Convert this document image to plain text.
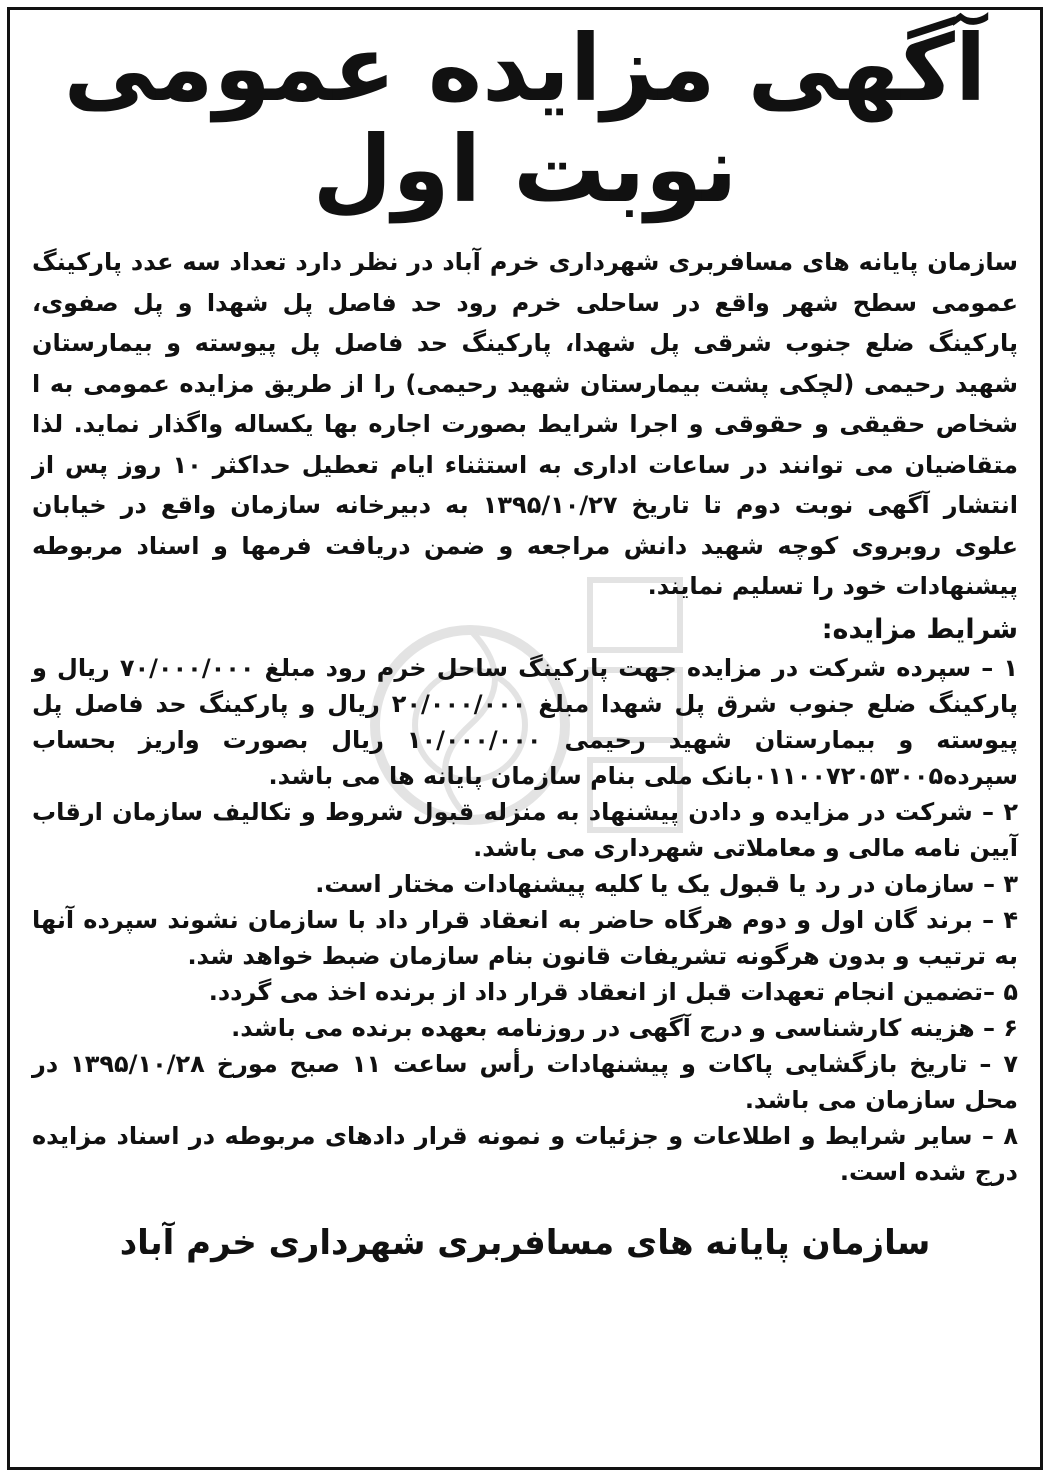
آگهی مزایده عمومی
نوبت اول

سازمان پایانه های مسافربری شهرداری خرم آباد در نظر دارد تعداد سه عدد پارکینگ عمومی سطح شهر واقع در ساحلی خرم رود حد فاصل پل شهدا و پل صفوی، پارکینگ ضلع جنوب شرقی پل شهدا، پارکینگ حد فاصل پل پیوسته و بیمارستان شهید رحیمی (لچکی پشت بیمارستان شهید رحیمی) را از طریق مزایده عمومی به ا شخاص حقیقی و حقوقی و اجرا شرایط بصورت اجاره بها یکساله واگذار نماید. لذا متقاضیان می توانند در ساعات اداری به استثناء ایام تعطیل حداکثر ۱۰ روز پس از انتشار آگهی نوبت دوم تا تاریخ ۱۳۹۵/۱۰/۲۷ به دبیرخانه سازمان واقع در خیابان علوی روبروی کوچه شهید دانش مراجعه و ضمن دریافت فرمها و اسناد مربوطه پیشنهادات خود را تسلیم نمایند.

شرایط مزایده:
۱ – سپرده شرکت در مزایده جهت پارکینگ ساحل خرم رود مبلغ ۷۰/۰۰۰/۰۰۰ ریال و پارکینگ ضلع جنوب شرق پل شهدا مبلغ ۲۰/۰۰۰/۰۰۰ ریال و پارکینگ حد فاصل پل پیوسته و بیمارستان شهید رحیمی ۱۰/۰۰۰/۰۰۰ ریال بصورت واریز بحساب سپرده۰۱۱۰۰۷۲۰۵۳۰۰۵بانک ملی بنام سازمان پایانه ها می باشد.
۲ – شرکت در مزایده و دادن پیشنهاد به منزله قبول شروط و تکالیف سازمان ارقاب آیین نامه مالی و معاملاتی شهرداری می باشد.
۳ – سازمان در رد یا قبول یک یا کلیه پیشنهادات مختار است.
۴ – برند گان اول و دوم هرگاه حاضر به انعقاد قرار داد با سازمان نشوند سپرده آنها به ترتیب و بدون هرگونه تشریفات قانون بنام سازمان ضبط خواهد شد.
۵ –تضمین انجام تعهدات قبل از انعقاد قرار داد از برنده اخذ می گردد.
۶ – هزینه کارشناسی و درج آگهی در روزنامه بعهده برنده می باشد.
۷ – تاریخ بازگشایی پاکات و پیشنهادات رأس ساعت ۱۱ صبح مورخ ۱۳۹۵/۱۰/۲۸ در محل سازمان می باشد.
۸ – سایر شرایط و اطلاعات و جزئیات و نمونه قرار دادهای مربوطه در اسناد مزایده درج شده است.
سازمان پایانه های مسافربری شهرداری خرم آباد
